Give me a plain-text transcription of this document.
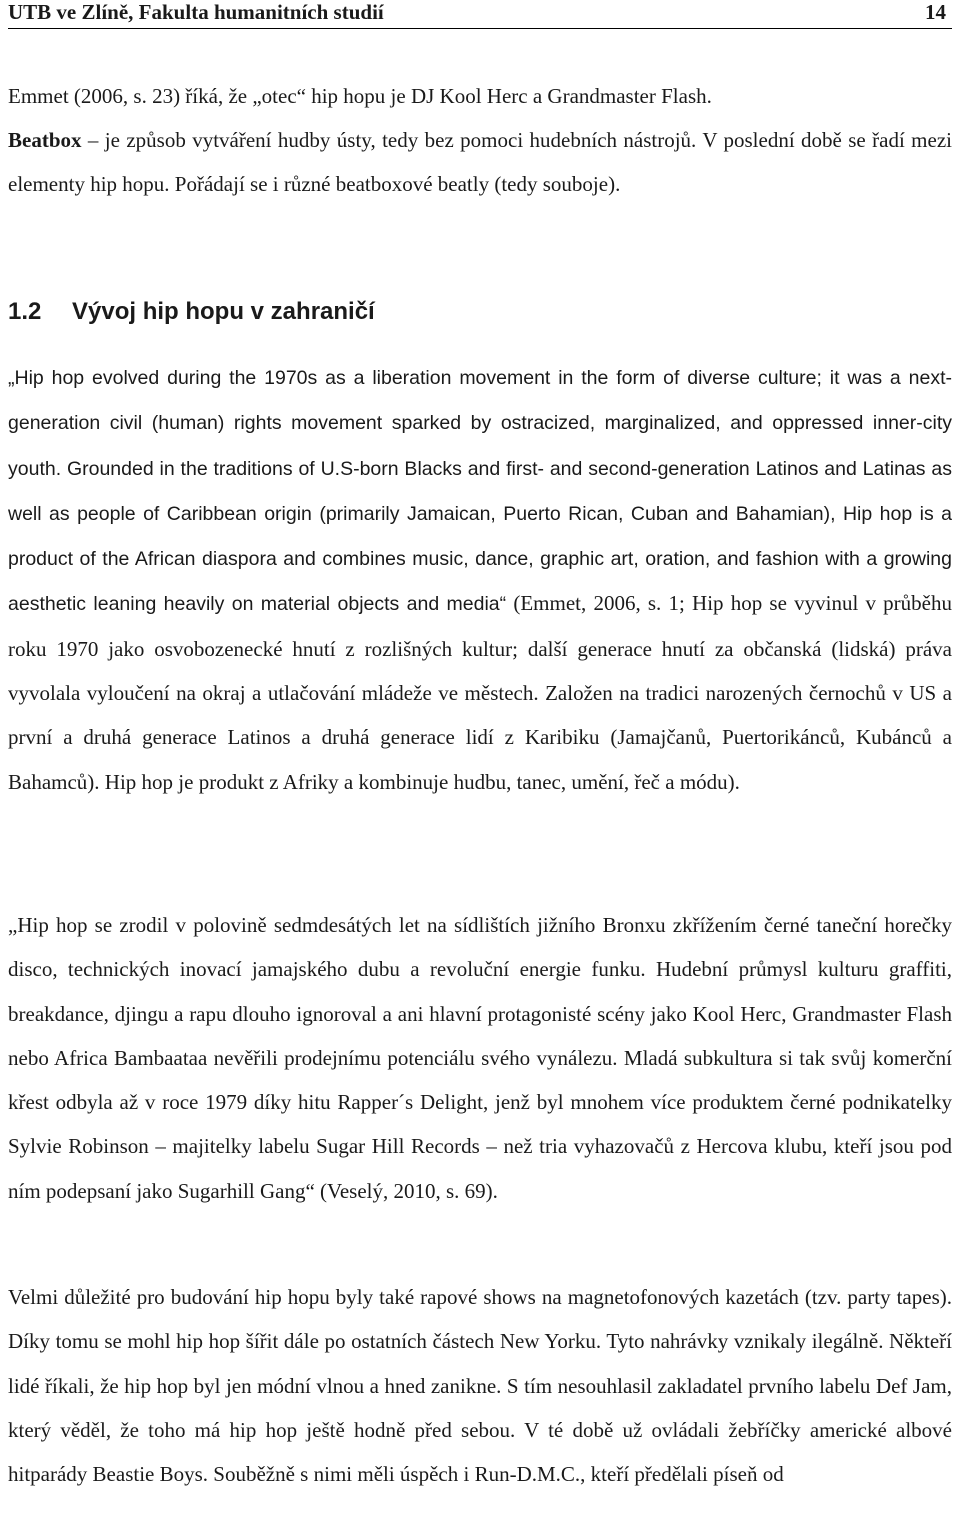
UTB ve Zlíně, Fakulta humanitních studií	14

Emmet (2006, s. 23) říká, že „otec“ hip hopu je DJ Kool Herc a Grandmaster Flash.

Beatbox – je způsob vytváření hudby ústy, tedy bez pomoci hudebních nástrojů. V poslední době se řadí mezi elementy hip hopu. Pořádají se i různé beatboxové beatly (tedy souboje).

1.2 Vývoj hip hopu v zahraničí

„Hip hop evolved during the 1970s as a liberation movement in the form of diverse culture; it was a next-generation civil (human) rights movement sparked by ostracized, marginalized, and oppressed inner-city youth. Grounded in the traditions of U.S-born Blacks and first- and second-generation Latinos and Latinas as well as people of Caribbean origin (primarily Jamaican, Puerto Rican, Cuban and Bahamian), Hip hop is a product of the African diaspora and combines music, dance, graphic art, oration, and fashion with a growing aesthetic leaning heavily on material objects and media“ (Emmet, 2006, s. 1; Hip hop se vyvinul v průběhu roku 1970 jako osvobozenecké hnutí z rozlišných kultur; další generace hnutí za občanská (lidská) práva vyvolala vyloučení na okraj a utlačování mládeže ve městech. Založen na tradici narozených černochů v US a první a druhá generace Latinos a druhá generace lidí z Karibiku (Jamajčanů, Puertorikánců, Kubánců a Bahamců). Hip hop je produkt z Afriky a kombinuje hudbu, tanec, umění, řeč a módu).

„Hip hop se zrodil v polovině sedmdesátých let na sídlištích jižního Bronxu zkřížením černé taneční horečky disco, technických inovací jamajského dubu a revoluční energie funku. Hudební průmysl kulturu graffiti, breakdance, djingu a rapu dlouho ignoroval a ani hlavní protagonisté scény jako Kool Herc, Grandmaster Flash nebo Africa Bambaataa nevěřili prodejnímu potenciálu svého vynálezu. Mladá subkultura si tak svůj komerční křest odbyla až v roce 1979 díky hitu Rapper´s Delight, jenž byl mnohem více produktem černé podnikatelky Sylvie Robinson – majitelky labelu Sugar Hill Records – než tria vyhazovačů z Hercova klubu, kteří jsou pod ním podepsaní jako Sugarhill Gang“ (Veselý, 2010, s. 69).

Velmi důležité pro budování hip hopu byly také rapové shows na magnetofonových kazetách (tzv. party tapes). Díky tomu se mohl hip hop šířit dále po ostatních částech New Yorku. Tyto nahrávky vznikaly ilegálně. Někteří lidé říkali, že hip hop byl jen módní vlnou a hned zanikne. S tím nesouhlasil zakladatel prvního labelu Def Jam, který věděl, že toho má hip hop ještě hodně před sebou. V té době už ovládali žebříčky americké albové hitparády Beastie Boys. Souběžně s nimi měli úspěch i Run-D.M.C., kteří předělali píseň od
